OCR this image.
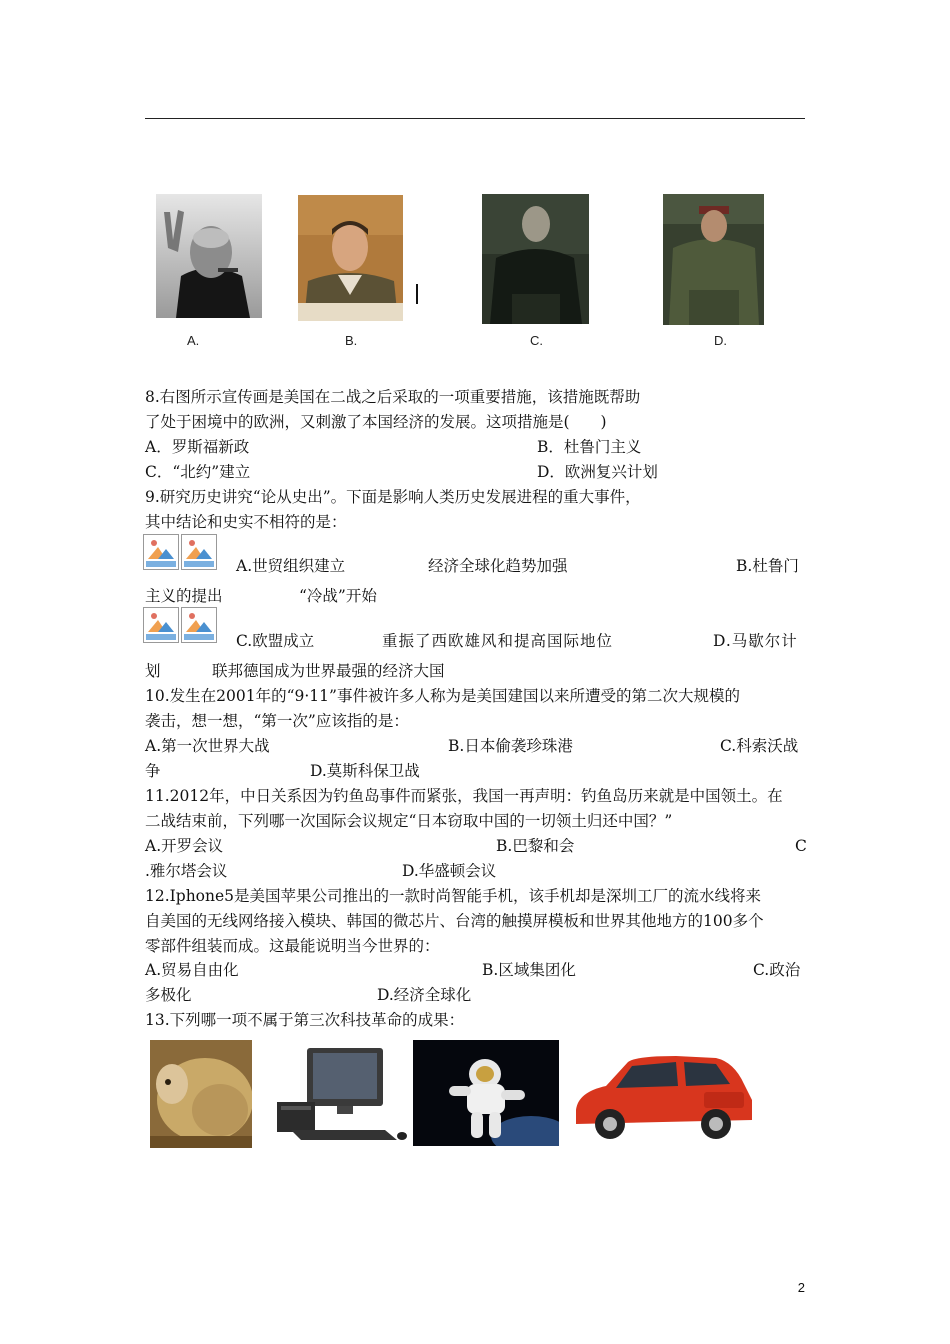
A.	B.	C.	D.
8.右图所示宣传画是美国在二战之后采取的一项重要措施，该措施既帮助
了处于困境中的欧洲，又刺激了本国经济的发展。这项措施是(　　)
A．罗斯福新政	B．杜鲁门主义
C．“北约”建立	D．欧洲复兴计划
9.研究历史讲究“论从史出”。下面是影响人类历史发展进程的重大事件，
其中结论和史实不相符的是：
A.世贸组织建立	经济全球化趋势加强	B.杜鲁门
主义的提出	“冷战”开始
C.欧盟成立	重振了西欧雄风和提高国际地位	D.马歇尔计
划	联邦德国成为世界最强的经济大国
10.发生在2001年的“9·11”事件被许多人称为是美国建国以来所遭受的第二次大规模的
袭击，想一想，“第一次”应该指的是：
A.第一次世界大战	B.日本偷袭珍珠港	C.科索沃战
争	D.莫斯科保卫战
11.2012年，中日关系因为钓鱼岛事件而紧张，我国一再声明：钓鱼岛历来就是中国领土。在
二战结束前，下列哪一次国际会议规定“日本窃取中国的一切领土归还中国？”
A.开罗会议	B.巴黎和会	C
.雅尔塔会议	D.华盛顿会议
12.Iphone5是美国苹果公司推出的一款时尚智能手机，该手机却是深圳工厂的流水线将来
自美国的无线网络接入模块、韩国的微芯片、台湾的触摸屏模板和世界其他地方的100多个
零部件组装而成。这最能说明当今世界的：
A.贸易自由化	B.区域集团化	C.政治
多极化	D.经济全球化
13.下列哪一项不属于第三次科技革命的成果：
2
